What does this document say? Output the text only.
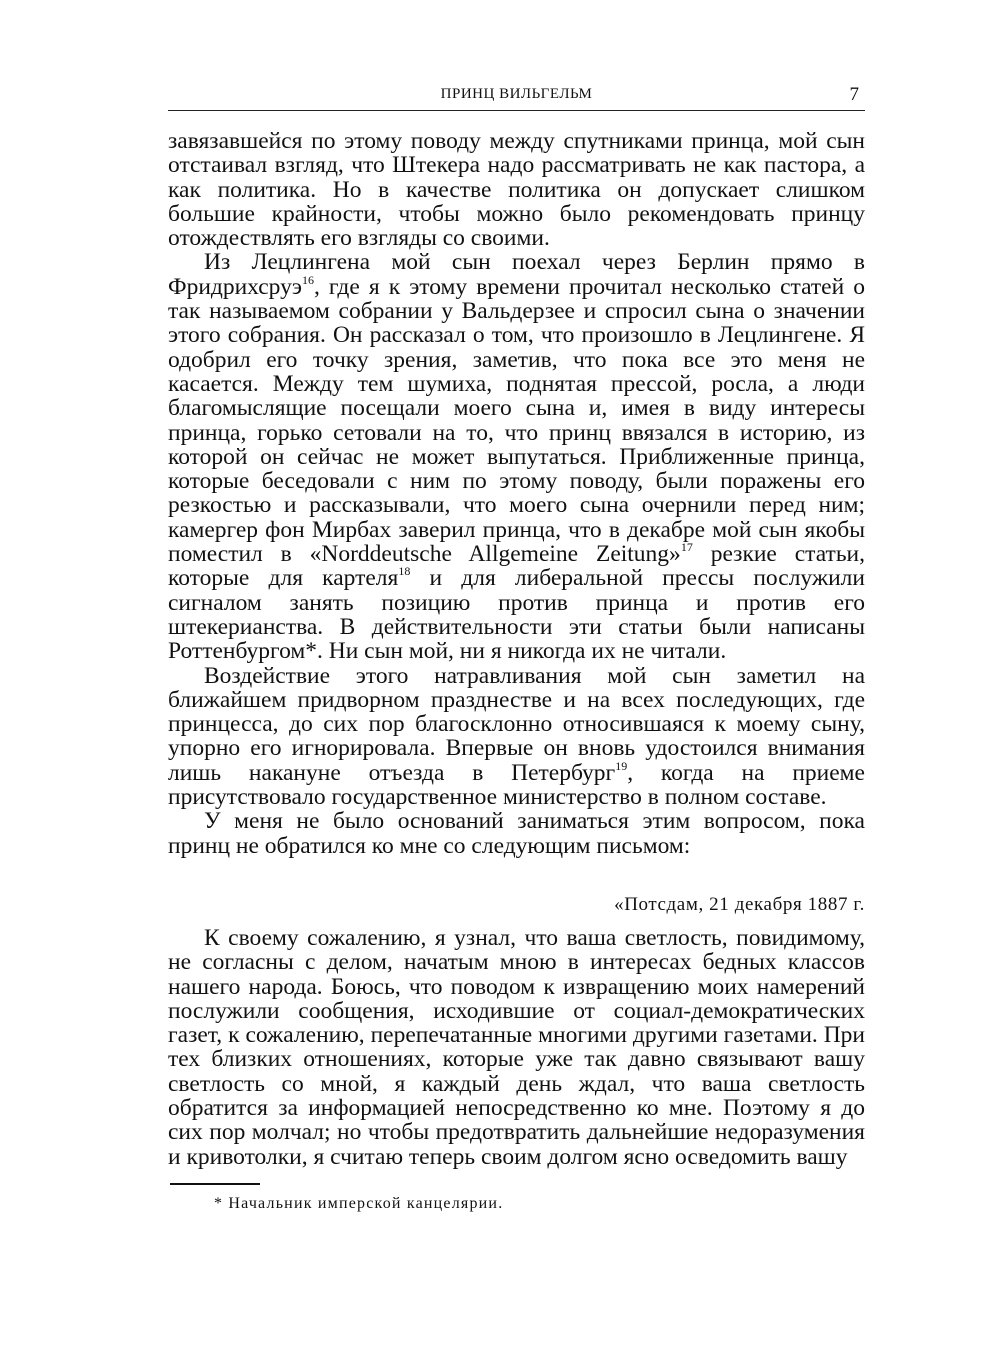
ПРИНЦ ВИЛЬГЕЛЬМ	7

завязавшейся по этому поводу между спутниками принца, мой сын отстаивал взгляд, что Штекера надо рассматривать не как пастора, а как политика. Но в качестве политика он допускает слишком большие крайности, чтобы можно было рекомендовать принцу отождествлять его взгляды со своими.

Из Лецлингена мой сын поехал через Берлин прямо в Фридрихсруэ$^{16}$, где я к этому времени прочитал несколько статей о так называемом собрании у Вальдерзее и спросил сына о значении этого собрания. Он рассказал о том, что произошло в Лецлингене. Я одобрил его точку зрения, заметив, что пока все это меня не касается. Между тем шумиха, поднятая прессой, росла, а люди благомыслящие посещали моего сына и, имея в виду интересы принца, горько сетовали на то, что принц ввязался в историю, из которой он сейчас не может выпутаться. Приближенные принца, которые беседовали с ним по этому поводу, были поражены его резкостью и рассказывали, что моего сына очернили перед ним; камергер фон Мирбах заверил принца, что в декабре мой сын якобы поместил в «Norddeutsche Allgemeine Zeitung»$^{17}$ резкие статьи, которые для картеля$^{18}$ и для либеральной прессы послужили сигналом занять позицию против принца и против его штекерианства. В действительности эти статьи были написаны Роттенбургом*. Ни сын мой, ни я никогда их не читали.

Воздействие этого натравливания мой сын заметил на ближайшем придворном празднестве и на всех последующих, где принцесса, до сих пор благосклонно относившаяся к моему сыну, упорно его игнорировала. Впервые он вновь удостоился внимания лишь накануне отъезда в Петербург$^{19}$, когда на приеме присутствовало государственное министерство в полном составе.

У меня не было оснований заниматься этим вопросом, пока принц не обратился ко мне со следующим письмом:

«Потсдам, 21 декабря 1887 г.

К своему сожалению, я узнал, что ваша светлость, повидимому, не согласны с делом, начатым мною в интересах бедных классов нашего народа. Боюсь, что поводом к извращению моих намерений послужили сообщения, исходившие от социал-демократических газет, к сожалению, перепечатанные многими другими газетами. При тех близких отношениях, которые уже так давно связывают вашу светлость со мной, я каждый день ждал, что ваша светлость обратится за информацией непосредственно ко мне. Поэтому я до сих пор молчал; но чтобы предотвратить дальнейшие недоразумения и кривотолки, я считаю теперь своим долгом ясно осведомить вашу

* Начальник имперской канцелярии.
